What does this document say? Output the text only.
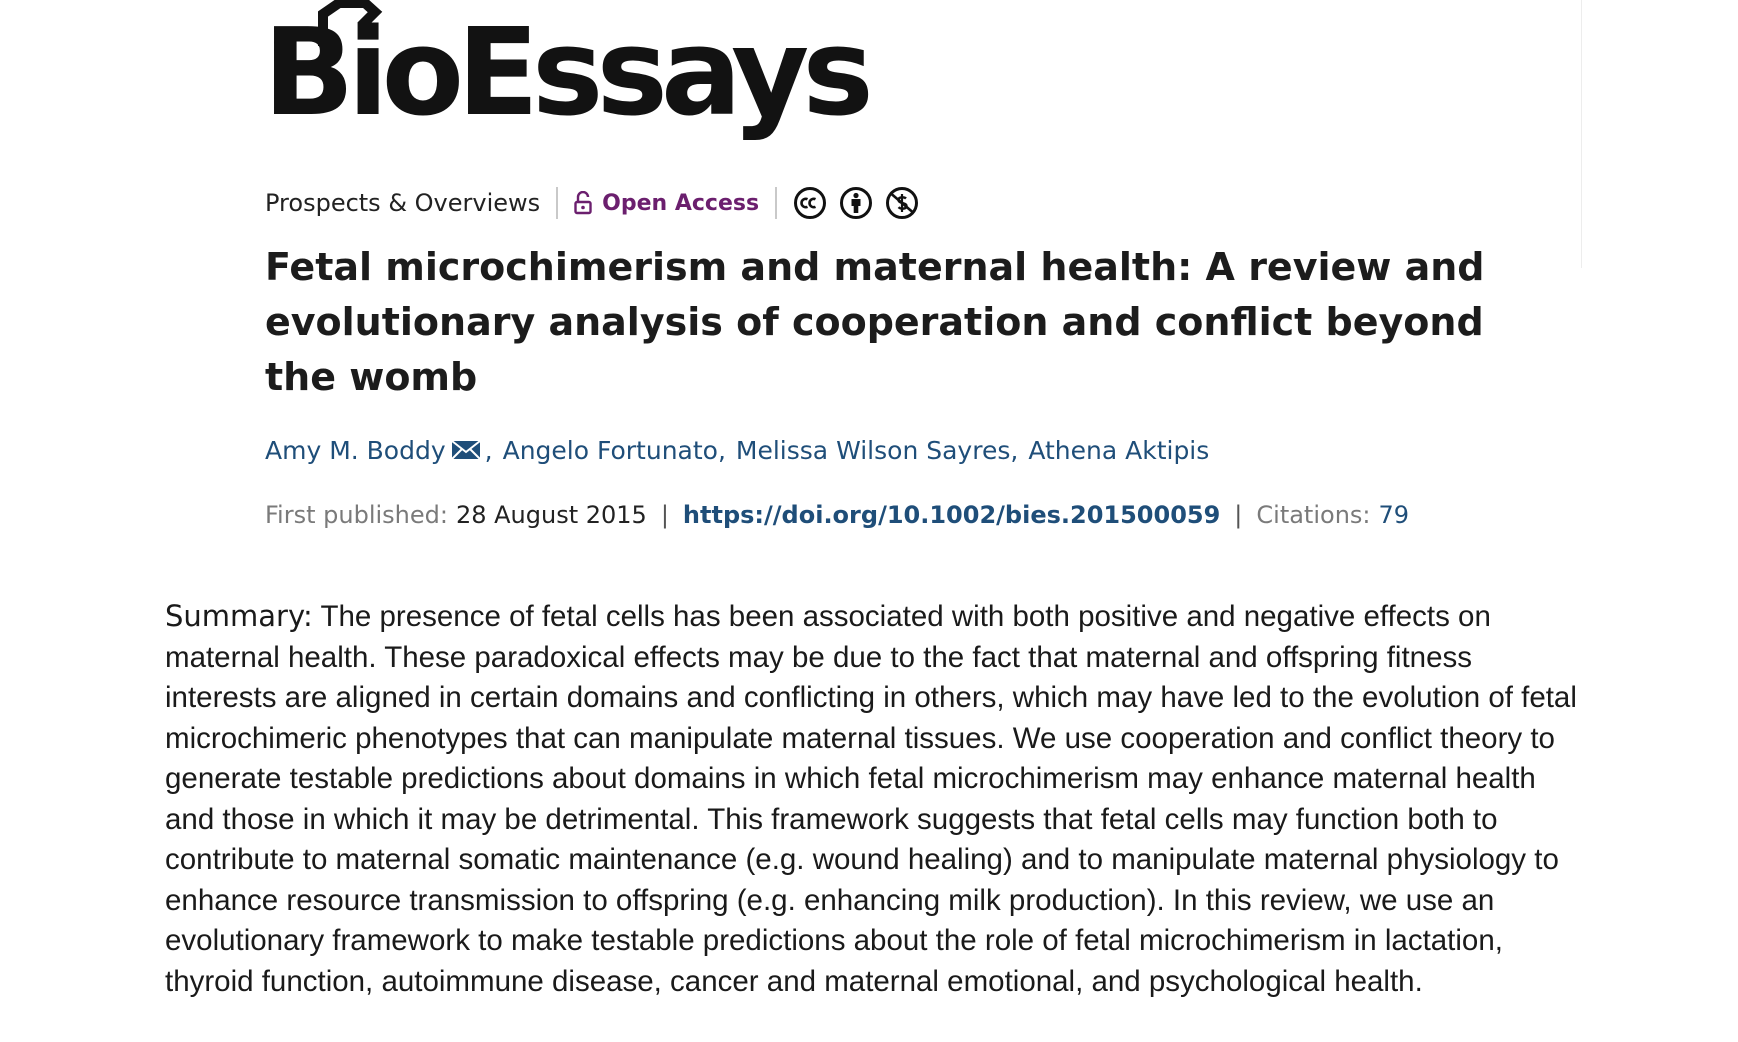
BioEssays
Prospects & Overviews	Open Access
Fetal microchimerism and maternal health: A review and evolutionary analysis of cooperation and conflict beyond the womb
Amy M. Boddy , Angelo Fortunato , Melissa Wilson Sayres , Athena Aktipis
First published: 28 August 2015 | https://doi.org/10.1002/bies.201500059 | Citations: 79

Summary: The presence of fetal cells has been associated with both positive and negative effects on maternal health. These paradoxical effects may be due to the fact that maternal and offspring fitness interests are aligned in certain domains and conflicting in others, which may have led to the evolution of fetal microchimeric phenotypes that can manipulate maternal tissues. We use cooperation and conflict theory to generate testable predictions about domains in which fetal microchimerism may enhance maternal health and those in which it may be detrimental. This framework suggests that fetal cells may function both to contribute to maternal somatic maintenance (e.g. wound healing) and to manipulate maternal physiology to enhance resource transmission to offspring (e.g. enhancing milk production). In this review, we use an evolutionary framework to make testable predictions about the role of fetal microchimerism in lactation, thyroid function, autoimmune disease, cancer and maternal emotional, and psychological health.
